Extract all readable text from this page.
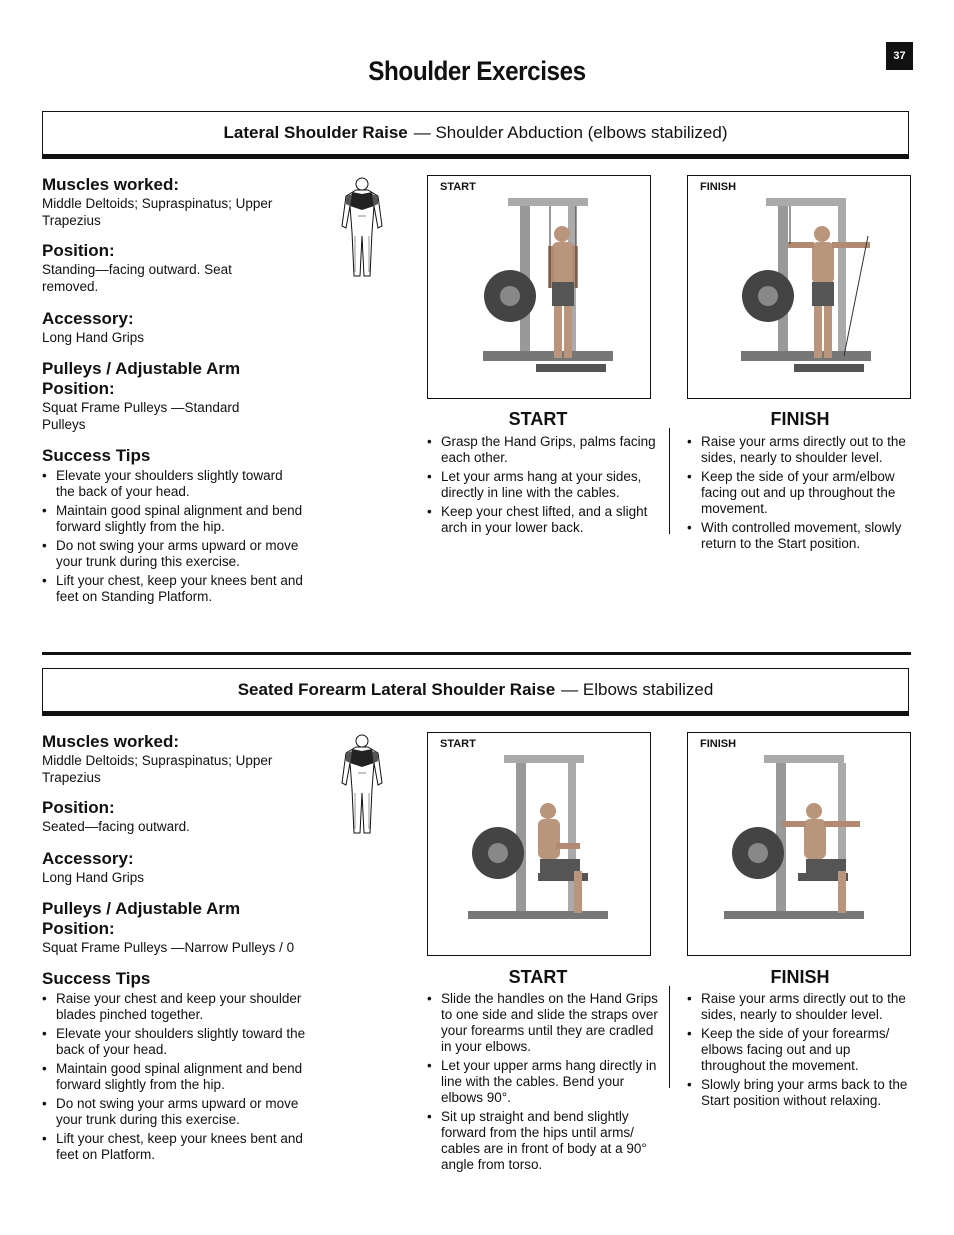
37
Shoulder Exercises
Lateral Shoulder Raise — Shoulder Abduction (elbows stabilized)
Muscles worked:
Middle Deltoids; Supraspinatus; Upper Trapezius
Position:
Standing—facing outward. Seat removed.
Accessory:
Long Hand Grips
Pulleys / Adjustable Arm
Position:
Squat Frame Pulleys —Standard Pulleys
Success Tips
• Elevate your shoulders slightly toward the back of your head.
• Maintain good spinal alignment and bend forward slightly from the hip.
• Do not swing your arms upward or move your trunk during this exercise.
• Lift your chest, keep your knees bent and feet on Standing Platform.
START	FINISH
START
• Grasp the Hand Grips, palms facing each other.
• Let your arms hang at your sides, directly in line with the cables.
• Keep your chest lifted, and a slight arch in your lower back.
FINISH
• Raise your arms directly out to the sides, nearly to shoulder level.
• Keep the side of your arm/elbow facing out and up throughout the movement.
• With controlled movement, slowly return to the Start position.
Seated Forearm Lateral Shoulder Raise — Elbows stabilized
Muscles worked:
Middle Deltoids; Supraspinatus; Upper Trapezius
Position:
Seated—facing outward.
Accessory:
Long Hand Grips
Pulleys / Adjustable Arm
Position:
Squat Frame Pulleys —Narrow Pulleys / 0
Success Tips
• Raise your chest and keep your shoulder blades pinched together.
• Elevate your shoulders slightly toward the back of your head.
• Maintain good spinal alignment and bend forward slightly from the hip.
• Do not swing your arms upward or move your trunk during this exercise.
• Lift your chest, keep your knees bent and feet on Platform.
START	FINISH
START
• Slide the handles on the Hand Grips to one side and slide the straps over your forearms until they are cradled in your elbows.
• Let your upper arms hang directly in line with the cables. Bend your elbows 90°.
• Sit up straight and bend slightly forward from the hips until arms/ cables are in front of body at a 90° angle from torso.
FINISH
• Raise your arms directly out to the sides, nearly to shoulder level.
• Keep the side of your forearms/ elbows facing out and up throughout the movement.
• Slowly bring your arms back to the Start position without relaxing.
